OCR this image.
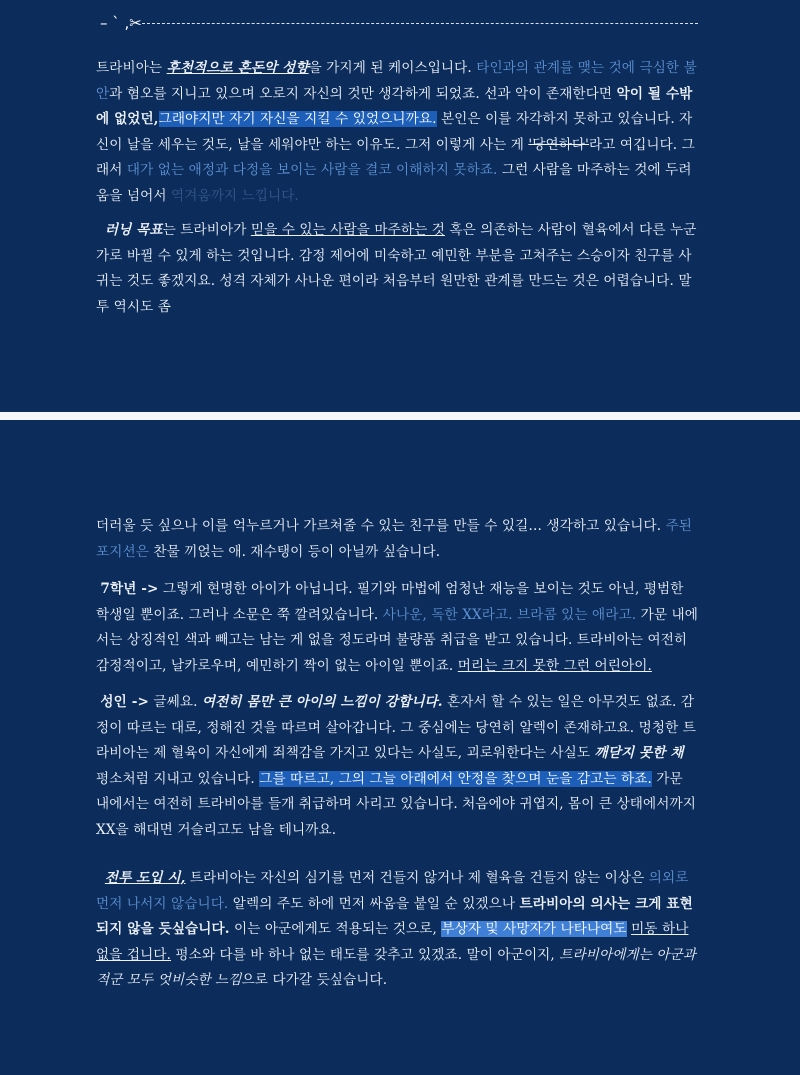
– ` ,✂
트라비아는 후천적으로 혼돈악 성향을 가지게 된 케이스입니다. 타인과의 관계를 맺는 것에 극심한 불안과 혐오를 지니고 있으며 오로지 자신의 것만 생각하게 되었죠. 선과 악이 존재한다면 악이 될 수밖에 없었던,그래야지만 자기 자신을 지킬 수 있었으니까요. 본인은 이를 자각하지 못하고 있습니다. 자신이 날을 세우는 것도, 날을 세워야만 하는 이유도. 그저 이렇게 사는 게 '당연하다'라고 여깁니다. 그래서 대가 없는 애정과 다정을 보이는 사람을 결코 이해하지 못하죠. 그런 사람을 마주하는 것에 두려움을 넘어서 역겨움까지 느낍니다.
러닝 목표는 트라비아가 믿을 수 있는 사람을 마주하는 것 혹은 의존하는 사람이 혈육에서 다른 누군가로 바뀔 수 있게 하는 것입니다. 감정 제어에 미숙하고 예민한 부분을 고쳐주는 스승이자 친구를 사귀는 것도 좋겠지요. 성격 자체가 사나운 편이라 처음부터 원만한 관계를 만드는 것은 어렵습니다. 말투 역시도 좀
더러울 듯 싶으나 이를 억누르거나 가르쳐줄 수 있는 친구를 만들 수 있길… 생각하고 있습니다. 주된 포지션은 찬물 끼얹는 애. 재수탱이 등이 아닐까 싶습니다.
7학년 -> 그렇게 현명한 아이가 아닙니다. 필기와 마법에 엄청난 재능을 보이는 것도 아닌, 평범한 학생일 뿐이죠. 그러나 소문은 쭉 깔려있습니다. 사나운, 독한 XX라고. 브라콤 있는 애라고. 가문 내에서는 상징적인 색과 빼고는 남는 게 없을 정도라며 불량품 취급을 받고 있습니다. 트라비아는 여전히 감정적이고, 날카로우며, 예민하기 짝이 없는 아이일 뿐이죠. 머리는 크지 못한 그런 어린아이.
성인 -> 글쎄요. 여전히 몸만 큰 아이의 느낌이 강합니다. 혼자서 할 수 있는 일은 아무것도 없죠. 감정이 따르는 대로, 정해진 것을 따르며 살아갑니다. 그 중심에는 당연히 알렉이 존재하고요. 멍청한 트라비아는 제 혈육이 자신에게 죄책감을 가지고 있다는 사실도, 괴로워한다는 사실도 깨닫지 못한 채 평소처럼 지내고 있습니다. 그를 따르고, 그의 그늘 아래에서 안정을 찾으며 눈을 감고는 하죠. 가문 내에서는 여전히 트라비아를 들개 취급하며 사리고 있습니다. 처음에야 귀엽지, 몸이 큰 상태에서까지 XX을 해대면 거슬리고도 남을 테니까요.
전투 도입 시, 트라비아는 자신의 심기를 먼저 건들지 않거나 제 혈육을 건들지 않는 이상은 의외로 먼저 나서지 않습니다. 알렉의 주도 하에 먼저 싸움을 붙일 순 있겠으나 트라비아의 의사는 크게 표현되지 않을 듯싶습니다. 이는 아군에게도 적용되는 것으로, 부상자 및 사망자가 나타나여도 미동 하나 없을 겁니다. 평소와 다를 바 하나 없는 태도를 갖추고 있겠죠. 말이 아군이지, 트라비아에게는 아군과 적군 모두 엇비슷한 느낌으로 다가갈 듯싶습니다.
